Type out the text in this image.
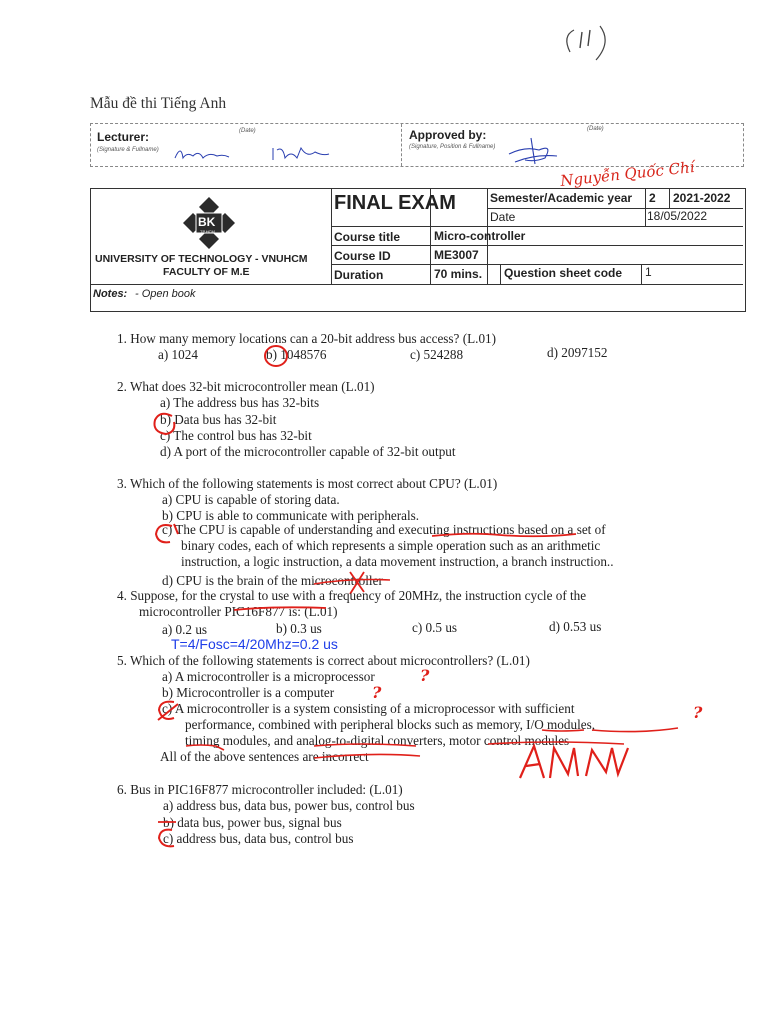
Mẫu đề thi Tiếng Anh
Lecturer:	(Date)
(Signature & Fullname)
Approved by:	(Date)
(Signature, Position & Fullname)
Nguyễn Quốc Chí
BK
TP.HCM
UNIVERSITY OF TECHNOLOGY - VNUHCM
FACULTY OF M.E
FINAL EXAM	Semester/Academic year 2 2021-2022
Date	18/05/2022
Course title	Micro-controller
Course ID	ME3007
Duration	70 mins. Question sheet code 1
Notes: - Open book
1. How many memory locations can a 20-bit address bus access? (L.01)
a) 1024	b) 1048576	c) 524288	d) 2097152
2. What does 32-bit microcontroller mean (L.01)
a) The address bus has 32-bits
b) Data bus has 32-bit
c) The control bus has 32-bit
d) A port of the microcontroller capable of 32-bit output
3. Which of the following statements is most correct about CPU? (L.01)
a) CPU is capable of storing data.
b) CPU is able to communicate with peripherals.
c) The CPU is capable of understanding and executing instructions based on a set of
binary codes, each of which represents a simple operation such as an arithmetic
instruction, a logic instruction, a data movement instruction, a branch instruction..
d) CPU is the brain of the microcontroller
4. Suppose, for the crystal to use with a frequency of 20MHz, the instruction cycle of the
microcontroller PIC16F877 is: (L.01)
a) 0.2 us	b) 0.3 us	c) 0.5 us	d) 0.53 us
T=4/Fosc=4/20Mhz=0.2 us
5. Which of the following statements is correct about microcontrollers? (L.01)
a) A microcontroller is a microprocessor
b) Microcontroller is a computer
c) A microcontroller is a system consisting of a microprocessor with sufficient
performance, combined with peripheral blocks such as memory, I/O modules,
timing modules, and analog-to-digital converters, motor control modules
All of the above sentences are incorrect
?
?
?
6. Bus in PIC16F877 microcontroller included: (L.01)
a) address bus, data bus, power bus, control bus
b) data bus, power bus, signal bus
c) address bus, data bus, control bus
